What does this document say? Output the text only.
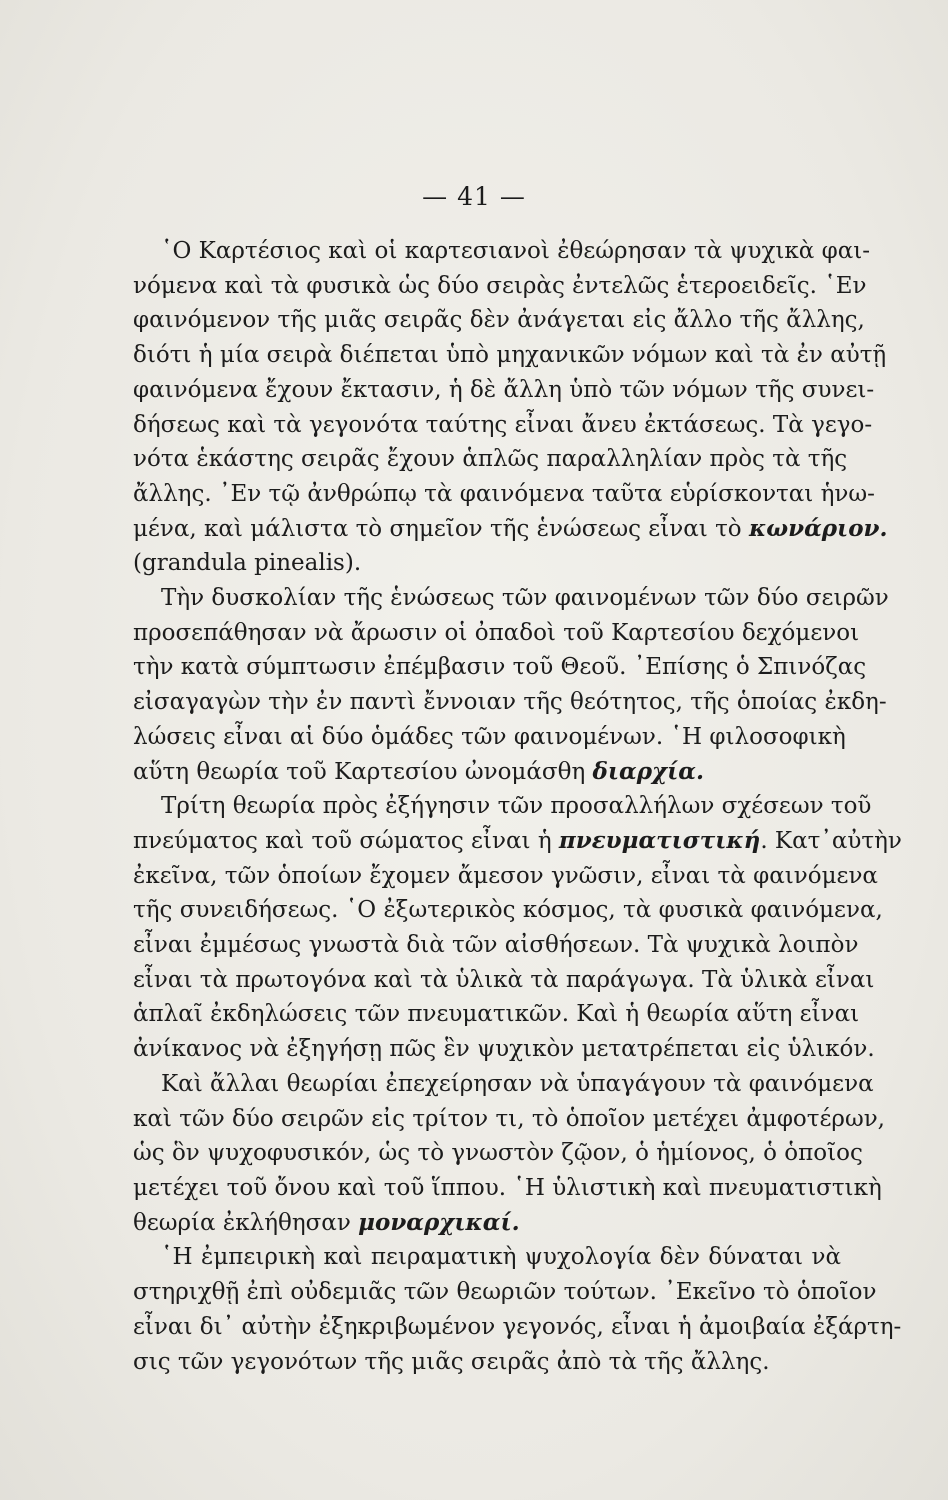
— 41 —
῾Ο Καρτέσιος καὶ οἱ καρτεσιανοὶ ἐθεώρησαν τὰ ψυχικὰ φαι-
νόμενα καὶ τὰ φυσικὰ ὡς δύο σειρὰς ἐντελῶς ἑτεροειδεῖς. ῾Εν
φαινόμενον τῆς μιᾶς σειρᾶς δὲν ἀνάγεται εἰς ἄλλο τῆς ἄλλης,
διότι ἡ μία σειρὰ διέπεται ὑπὸ μηχανικῶν νόμων καὶ τὰ ἐν αὐτῇ
φαινόμενα ἔχουν ἔκτασιν, ἡ δὲ ἄλλη ὑπὸ τῶν νόμων τῆς συνει-
δήσεως καὶ τὰ γεγονότα ταύτης εἶναι ἄνευ ἐκτάσεως. Τὰ γεγο-
νότα ἑκάστης σειρᾶς ἔχουν ἁπλῶς παραλληλίαν πρὸς τὰ τῆς
ἄλλης. ᾿Εν τῷ ἀνθρώπῳ τὰ φαινόμενα ταῦτα εὑρίσκονται ἡνω-
μένα, καὶ μάλιστα τὸ σημεῖον τῆς ἑνώσεως εἶναι τὸ κωνάριον.
(grandula pinealis).
Τὴν δυσκολίαν τῆς ἑνώσεως τῶν φαινομένων τῶν δύο σειρῶν
προσεπάθησαν νὰ ἄρωσιν οἱ ὀπαδοὶ τοῦ Καρτεσίου δεχόμενοι
τὴν κατὰ σύμπτωσιν ἐπέμβασιν τοῦ Θεοῦ. ᾿Επίσης ὁ Σπινόζας
εἰσαγαγὼν τὴν ἐν παντὶ ἔννοιαν τῆς θεότητος, τῆς ὁποίας ἐκδη-
λώσεις εἶναι αἱ δύο ὁμάδες τῶν φαινομένων. ῾Η φιλοσοφικὴ
αὕτη θεωρία τοῦ Καρτεσίου ὠνομάσθη διαρχία.
Τρίτη θεωρία πρὸς ἐξήγησιν τῶν προσαλλήλων σχέσεων τοῦ
πνεύματος καὶ τοῦ σώματος εἶναι ἡ πνευματιστική. Κατ᾿αὐτὴν
ἐκεῖνα, τῶν ὁποίων ἔχομεν ἄμεσον γνῶσιν, εἶναι τὰ φαινόμενα
τῆς συνειδήσεως. ῾Ο ἐξωτερικὸς κόσμος, τὰ φυσικὰ φαινόμενα,
εἶναι ἐμμέσως γνωστὰ διὰ τῶν αἰσθήσεων. Τὰ ψυχικὰ λοιπὸν
εἶναι τὰ πρωτογόνα καὶ τὰ ὑλικὰ τὰ παράγωγα. Τὰ ὑλικὰ εἶναι
ἁπλαῖ ἐκδηλώσεις τῶν πνευματικῶν. Καὶ ἡ θεωρία αὕτη εἶναι
ἀνίκανος νὰ ἐξηγήσῃ πῶς ἓν ψυχικὸν μετατρέπεται εἰς ὑλικόν.
Καὶ ἄλλαι θεωρίαι ἐπεχείρησαν νὰ ὑπαγάγουν τὰ φαινόμενα
καὶ τῶν δύο σειρῶν εἰς τρίτον τι, τὸ ὁποῖον μετέχει ἀμφοτέρων,
ὡς ὃν ψυχοφυσικόν, ὡς τὸ γνωστὸν ζῷον, ὁ ἡμίονος, ὁ ὁποῖος
μετέχει τοῦ ὄνου καὶ τοῦ ἵππου. ῾Η ὑλιστικὴ καὶ πνευματιστικὴ
θεωρία ἐκλήθησαν μοναρχικαί.
῾Η ἐμπειρικὴ καὶ πειραματικὴ ψυχολογία δὲν δύναται νὰ
στηριχθῇ ἐπὶ οὐδεμιᾶς τῶν θεωριῶν τούτων. ᾿Εκεῖνο τὸ ὁποῖον
εἶναι δι᾿ αὐτὴν ἐξηκριβωμένον γεγονός, εἶναι ἡ ἀμοιβαία ἐξάρτη-
σις τῶν γεγονότων τῆς μιᾶς σειρᾶς ἀπὸ τὰ τῆς ἄλλης.
